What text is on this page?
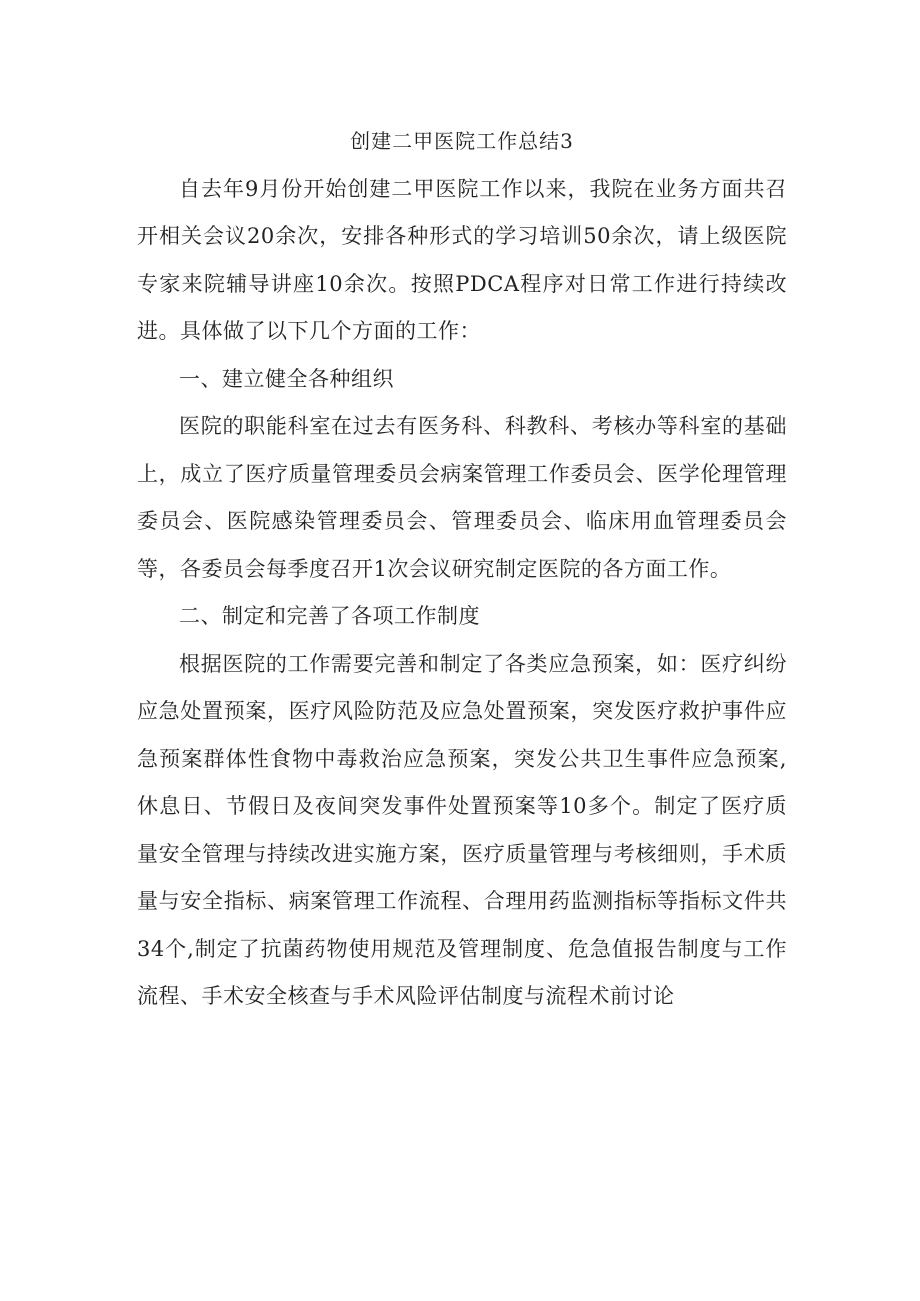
创建二甲医院工作总结3

自去年9月份开始创建二甲医院工作以来，我院在业务方面共召开相关会议20余次，安排各种形式的学习培训50余次，请上级医院专家来院辅导讲座10余次。按照PDCA程序对日常工作进行持续改进。具体做了以下几个方面的工作：

一、建立健全各种组织

医院的职能科室在过去有医务科、科教科、考核办等科室的基础上，成立了医疗质量管理委员会病案管理工作委员会、医学伦理管理委员会、医院感染管理委员会、管理委员会、临床用血管理委员会等，各委员会每季度召开1次会议研究制定医院的各方面工作。

二、制定和完善了各项工作制度

根据医院的工作需要完善和制定了各类应急预案，如：医疗纠纷应急处置预案，医疗风险防范及应急处置预案，突发医疗救护事件应急预案群体性食物中毒救治应急预案，突发公共卫生事件应急预案,休息日、节假日及夜间突发事件处置预案等10多个。制定了医疗质量安全管理与持续改进实施方案，医疗质量管理与考核细则，手术质量与安全指标、病案管理工作流程、合理用药监测指标等指标文件共34个,制定了抗菌药物使用规范及管理制度、危急值报告制度与工作流程、手术安全核查与手术风险评估制度与流程术前讨论
